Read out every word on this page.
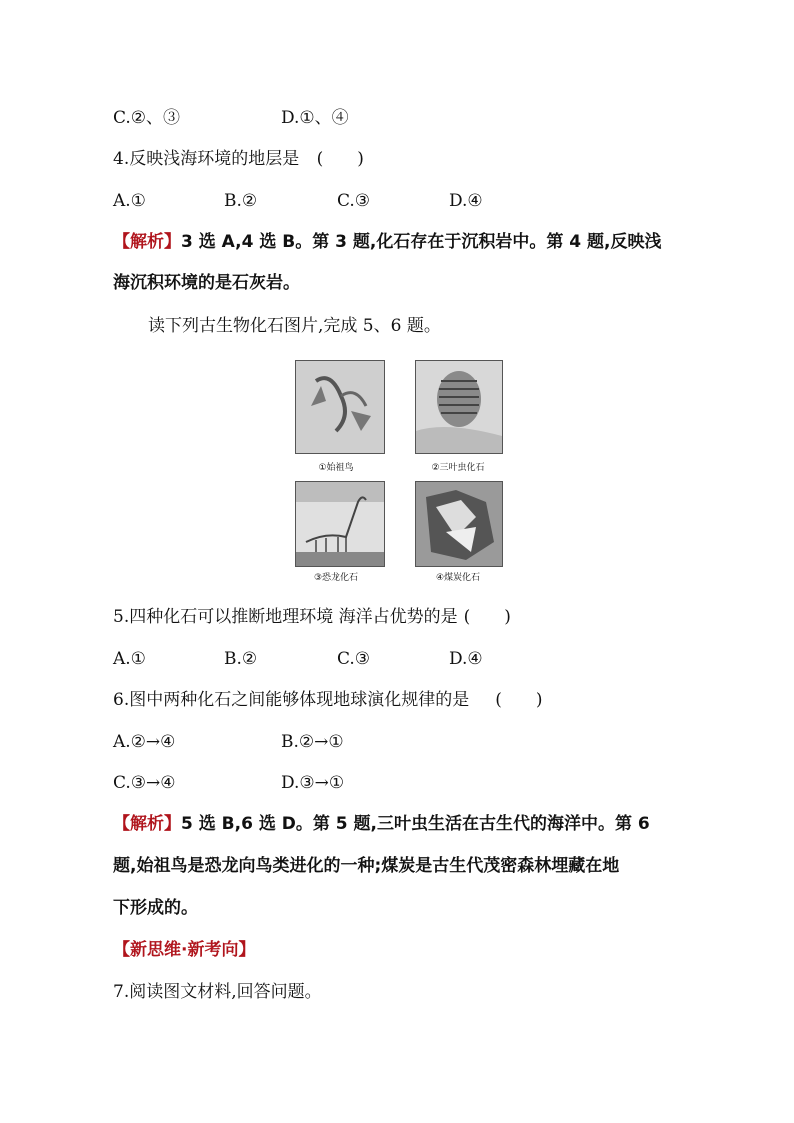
C.②、③	D.①、④
4.反映浅海环境的地层是 (　　)
A.①	B.②	C.③	D.④
【解析】3 选 A,4 选 B。第 3 题,化石存在于沉积岩中。第 4 题,反映浅
海沉积环境的是石灰岩。
读下列古生物化石图片,完成 5、6 题。
①始祖鸟	②三叶虫化石
③恐龙化石	④煤炭化石
5.四种化石可以推断地理环境 海洋占优势的是 (　　)
A.①	B.②	C.③	D.④
6.图中两种化石之间能够体现地球演化规律的是 (　　)
A.②→④	B.②→①
C.③→④	D.③→①
【解析】5 选 B,6 选 D。第 5 题,三叶虫生活在古生代的海洋中。第 6
题,始祖鸟是恐龙向鸟类进化的一种;煤炭是古生代茂密森林埋藏在地
下形成的。
【新思维·新考向】
7.阅读图文材料,回答问题。
